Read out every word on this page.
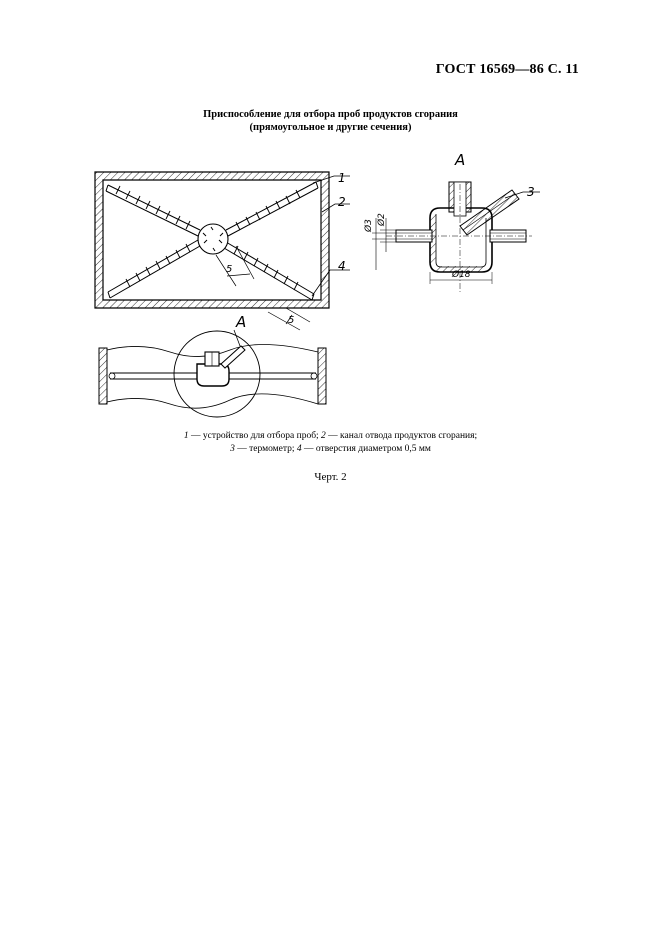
ГОСТ 16569—86 С. 11
Приспособление для отбора проб продуктов сгорания
(прямоугольное и другие сечения)
5
5
1
2
4
А
3
Ø3 Ø2
Ø18
А
1 — устройство для отбора проб; 2 — канал отвода продуктов сгорания;
3 — термометр; 4 — отверстия диаметром 0,5 мм
Черт. 2
